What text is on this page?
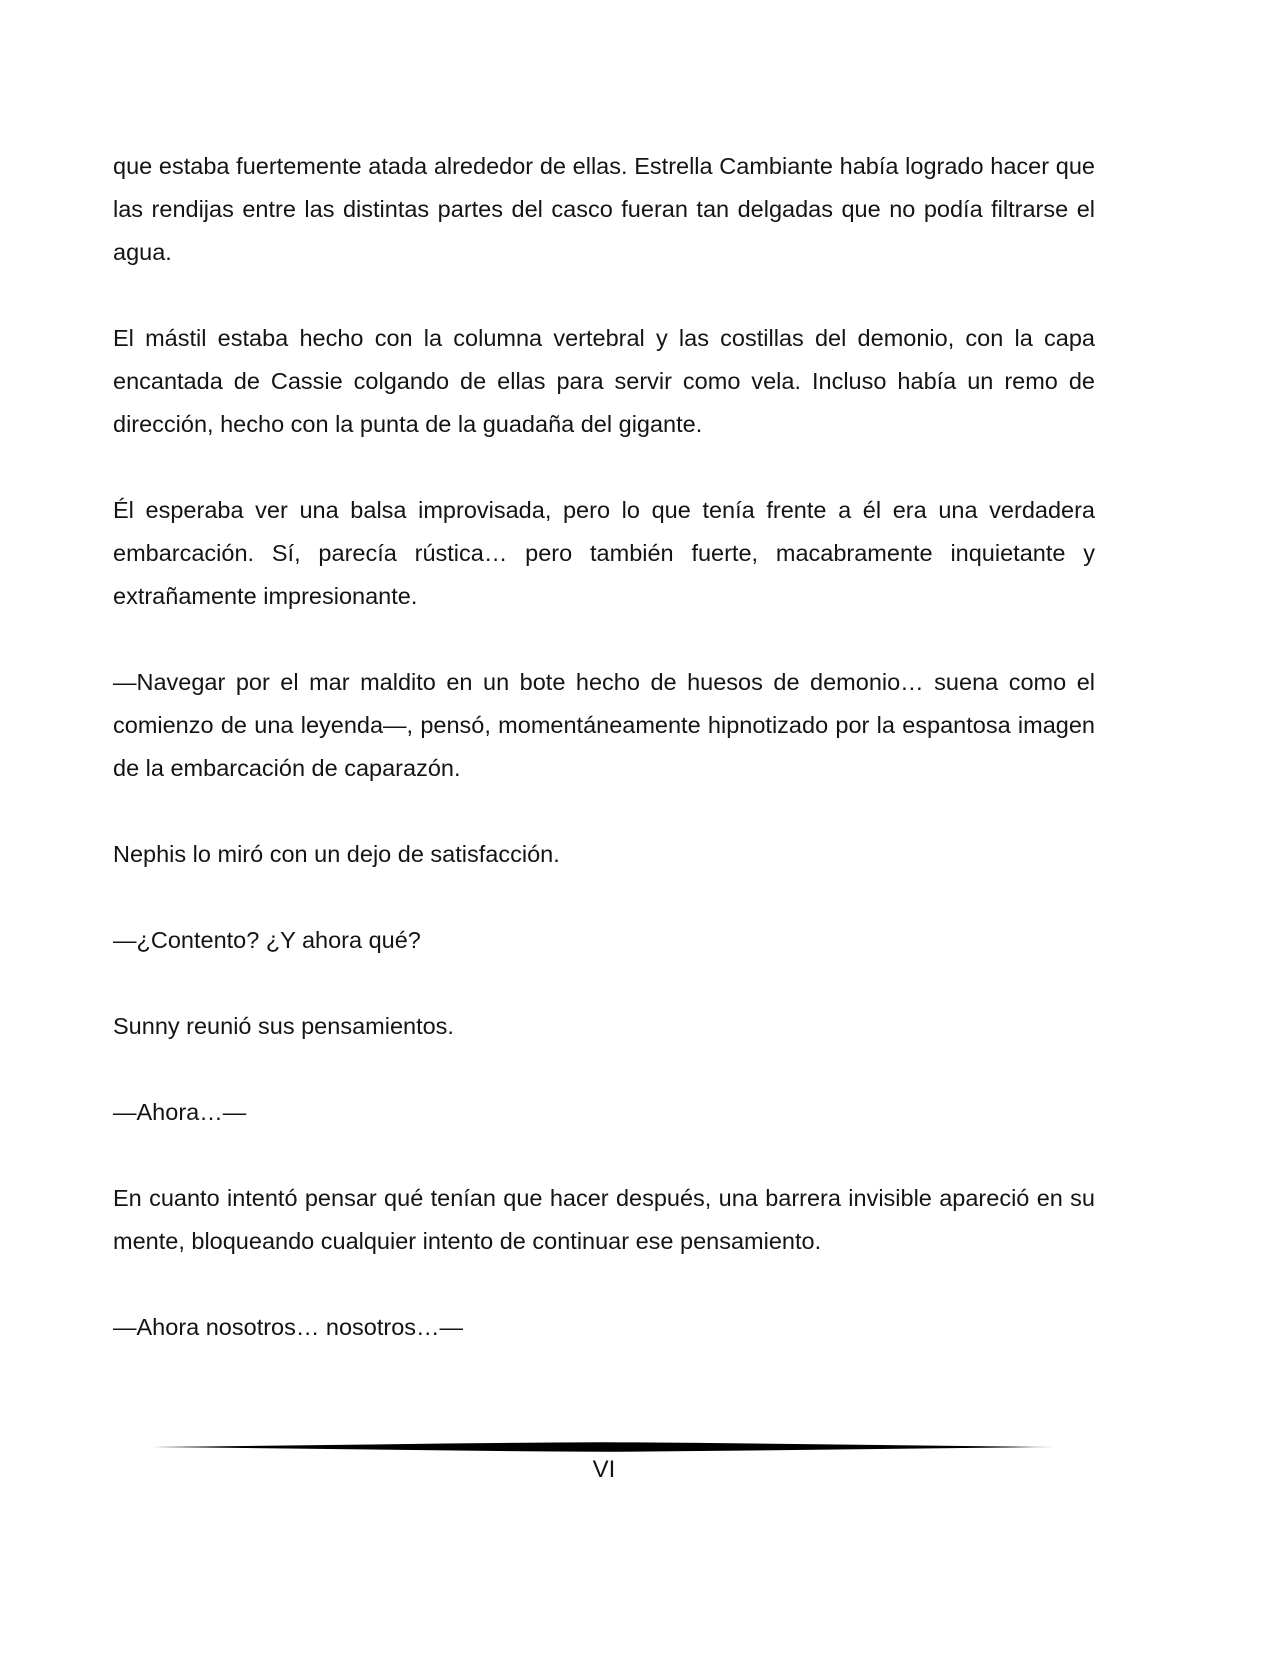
que estaba fuertemente atada alrededor de ellas. Estrella Cambiante había logrado hacer que las rendijas entre las distintas partes del casco fueran tan delgadas que no podía filtrarse el agua.

El mástil estaba hecho con la columna vertebral y las costillas del demonio, con la capa encantada de Cassie colgando de ellas para servir como vela. Incluso había un remo de dirección, hecho con la punta de la guadaña del gigante.

Él esperaba ver una balsa improvisada, pero lo que tenía frente a él era una verdadera embarcación. Sí, parecía rústica… pero también fuerte, macabramente inquietante y extrañamente impresionante.

—Navegar por el mar maldito en un bote hecho de huesos de demonio… suena como el comienzo de una leyenda—, pensó, momentáneamente hipnotizado por la espantosa imagen de la embarcación de caparazón.

Nephis lo miró con un dejo de satisfacción.

—¿Contento? ¿Y ahora qué?

Sunny reunió sus pensamientos.

—Ahora…—

En cuanto intentó pensar qué tenían que hacer después, una barrera invisible apareció en su mente, bloqueando cualquier intento de continuar ese pensamiento.

—Ahora nosotros… nosotros…—

VI
